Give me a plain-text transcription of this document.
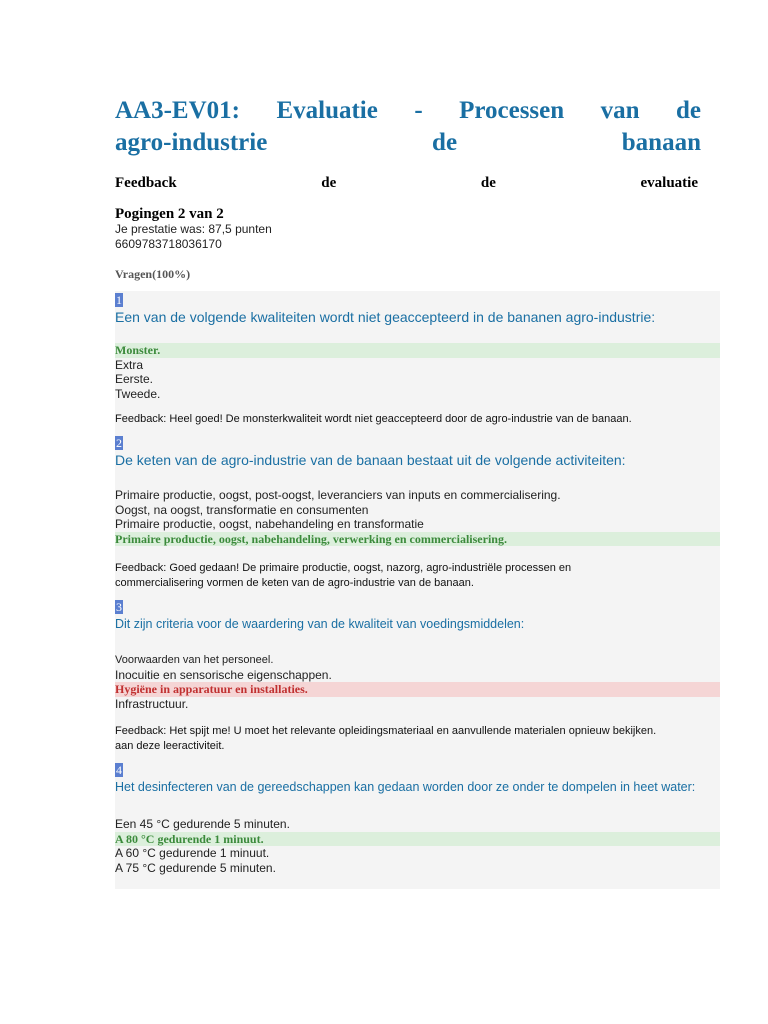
AA3-EV01: Evaluatie - Processen van de
agro-industrie	de	banaan
Feedback	de	de	evaluatie
Pogingen 2 van 2
Je prestatie was: 87,5 punten
6609783718036170
Vragen(100%)
1

Een van de volgende kwaliteiten wordt niet geaccepteerd in de bananen agro-industrie:

Monster.
Extra
Eerste.
Tweede.
Feedback: Heel goed! De monsterkwaliteit wordt niet geaccepteerd door de agro-industrie van de banaan.
2

De keten van de agro-industrie van de banaan bestaat uit de volgende activiteiten:

Primaire productie, oogst, post-oogst, leveranciers van inputs en commercialisering.
Oogst, na oogst, transformatie en consumenten
Primaire productie, oogst, nabehandeling en transformatie
Primaire productie, oogst, nabehandeling, verwerking en commercialisering.
Feedback: Goed gedaan! De primaire productie, oogst, nazorg, agro-industriële processen en
commercialisering vormen de keten van de agro-industrie van de banaan.
3

Dit zijn criteria voor de waardering van de kwaliteit van voedingsmiddelen:

Voorwaarden van het personeel.
Inocuitie en sensorische eigenschappen.
Hygiëne in apparatuur en installaties.
Infrastructuur.
Feedback: Het spijt me! U moet het relevante opleidingsmateriaal en aanvullende materialen opnieuw bekijken.
aan deze leeractiviteit.
4

Het desinfecteren van de gereedschappen kan gedaan worden door ze onder te dompelen in heet water:

Een 45 °C gedurende 5 minuten.
A 80 °C gedurende 1 minuut.
A 60 °C gedurende 1 minuut.
A 75 °C gedurende 5 minuten.
